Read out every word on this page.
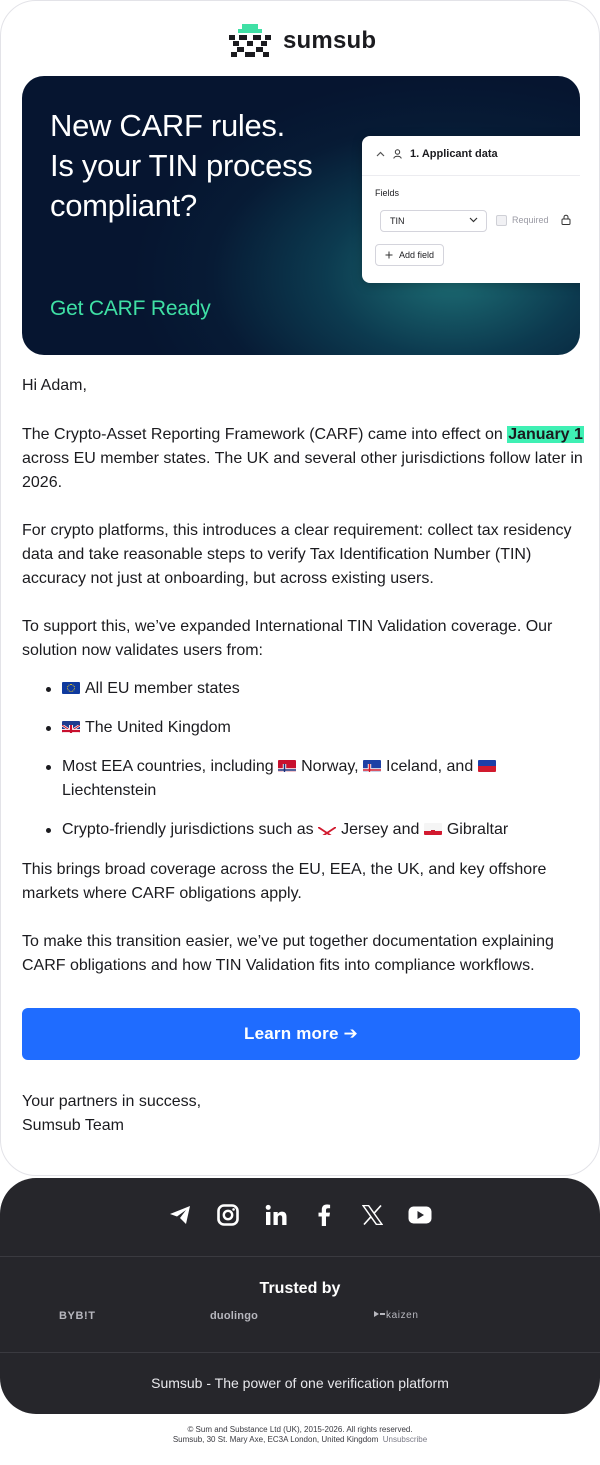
sumsub
New CARF rules.
Is your TIN process
compliant?
Get CARF Ready
1. Applicant data
Fields
TIN	Required
Add field

Hi Adam,

The Crypto-Asset Reporting Framework (CARF) came into effect on January 1 across EU member states. The UK and several other jurisdictions follow later in 2026.

For crypto platforms, this introduces a clear requirement: collect tax residency data and take reasonable steps to verify Tax Identification Number (TIN) accuracy not just at onboarding, but across existing users.

To support this, we’ve expanded International TIN Validation coverage. Our solution now validates users from:

All EU member states
The United Kingdom
Most EEA countries, including Norway, Iceland, and
Liechtenstein
Crypto-friendly jurisdictions such as Jersey and Gibraltar

This brings broad coverage across the EU, EEA, the UK, and key offshore markets where CARF obligations apply.

To make this transition easier, we’ve put together documentation explaining CARF obligations and how TIN Validation fits into compliance workflows.

Learn more ➔

Your partners in success,

Sumsub Team

Trusted by
BYB!T	duolingo	kaizen
Sumsub - The power of one verification platform
© Sum and Substance Ltd (UK), 2015-2026. All rights reserved.
Sumsub, 30 St. Mary Axe, EC3A London, United Kingdom Unsubscribe
